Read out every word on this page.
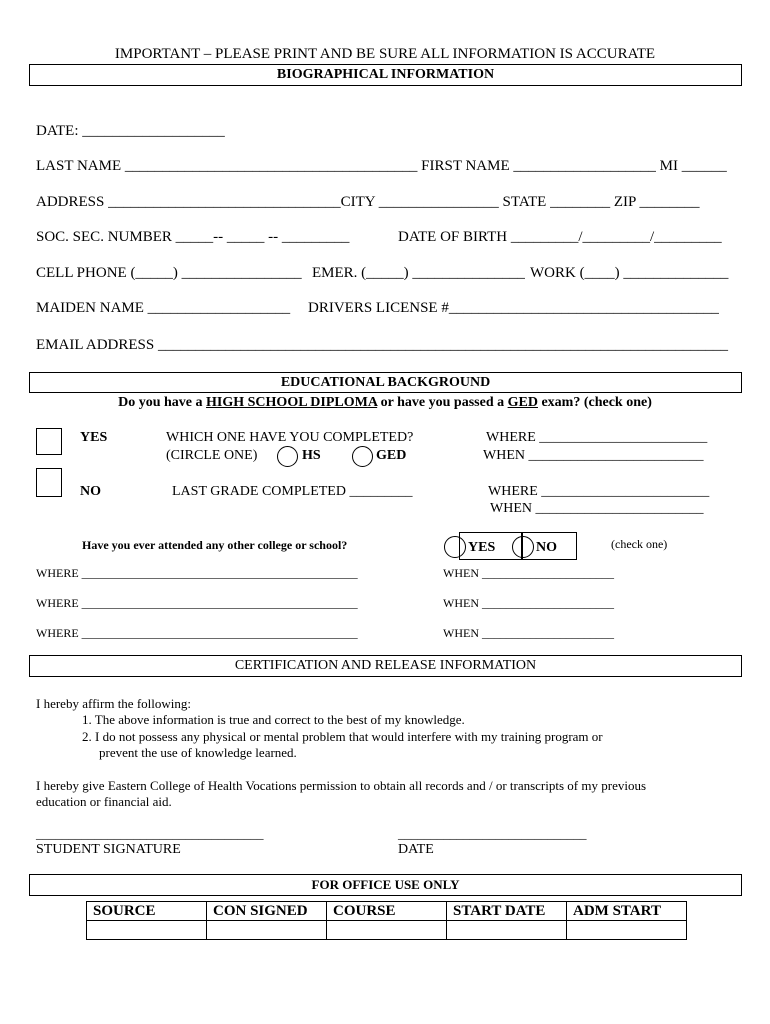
IMPORTANT – PLEASE PRINT AND BE SURE ALL INFORMATION IS ACCURATE
BIOGRAPHICAL INFORMATION
DATE: ___________________
LAST NAME _______________________________________ FIRST NAME ___________________ MI ______
ADDRESS _______________________________CITY ________________ STATE ________ ZIP ________
SOC. SEC. NUMBER _____-- _____ -- _________	DATE OF BIRTH _________/_________/_________
CELL PHONE (_____) ________________ EMER. (_____) _______________ WORK (____) ______________
MAIDEN NAME ___________________ DRIVERS LICENSE #____________________________________
EMAIL ADDRESS ____________________________________________________________________________
EDUCATIONAL BACKGROUND
Do you have a HIGH SCHOOL DIPLOMA or have you passed a GED exam? (check one)
YES	WHICH ONE HAVE YOU COMPLETED?
(CIRCLE ONE)	HS	GED
WHERE ________________________
WHEN _________________________
NO	LAST GRADE COMPLETED _________	WHERE ________________________
WHEN ________________________
Have you ever attended any other college or school?	YES	NO	(check one)
WHERE ______________________________________________	WHEN ______________________
WHERE ______________________________________________	WHEN ______________________
WHERE ______________________________________________	WHEN ______________________
CERTIFICATION AND RELEASE INFORMATION
I hereby affirm the following:
1. The above information is true and correct to the best of my knowledge.
2. I do not possess any physical or mental problem that would interfere with my training program or
prevent the use of knowledge learned.
I hereby give Eastern College of Health Vocations permission to obtain all records and / or transcripts of my previous
education or financial aid.
___________________________________	_____________________________
STUDENT SIGNATURE	DATE
FOR OFFICE USE ONLY
SOURCE	CON SIGNED	COURSE	START DATE	ADM START
